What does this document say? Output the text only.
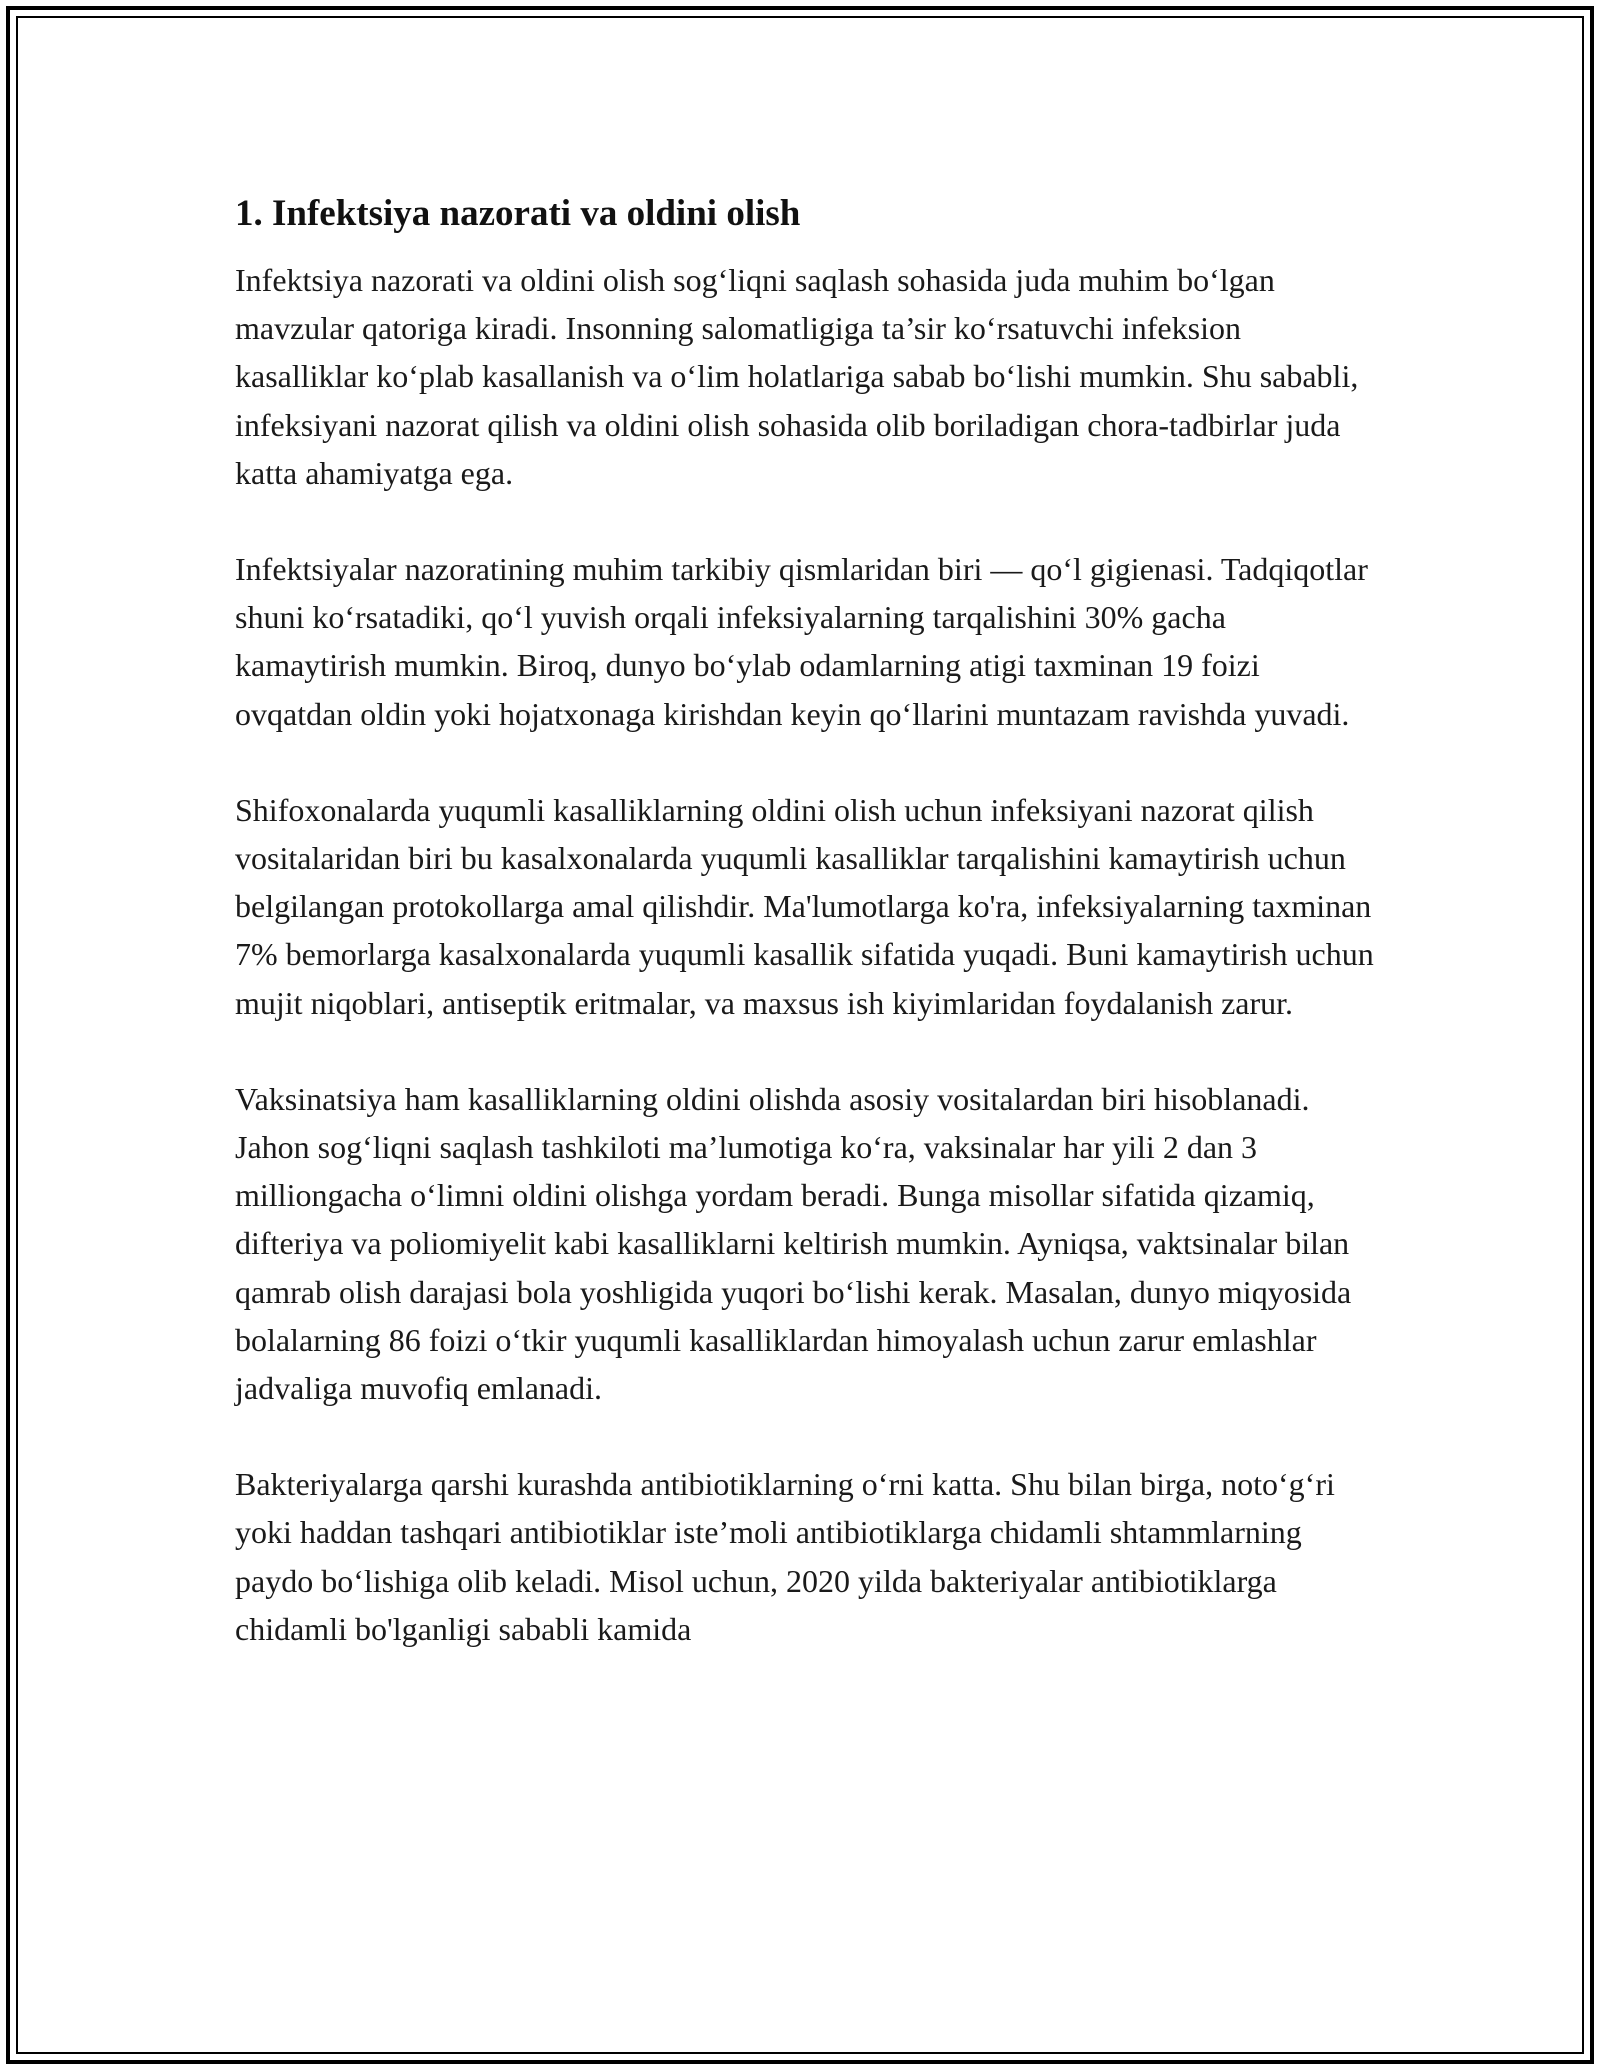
1. Infektsiya nazorati va oldini olish

Infektsiya nazorati va oldini olish sog‘liqni saqlash sohasida juda muhim bo‘lgan mavzular qatoriga kiradi. Insonning salomatligiga ta’sir ko‘rsatuvchi infeksion kasalliklar ko‘plab kasallanish va o‘lim holatlariga sabab bo‘lishi mumkin. Shu sababli, infeksiyani nazorat qilish va oldini olish sohasida olib boriladigan chora-tadbirlar juda katta ahamiyatga ega.

Infektsiyalar nazoratining muhim tarkibiy qismlaridan biri — qo‘l gigienasi. Tadqiqotlar shuni ko‘rsatadiki, qo‘l yuvish orqali infeksiyalarning tarqalishini 30% gacha kamaytirish mumkin. Biroq, dunyo bo‘ylab odamlarning atigi taxminan 19 foizi ovqatdan oldin yoki hojatxonaga kirishdan keyin qo‘llarini muntazam ravishda yuvadi.

Shifoxonalarda yuqumli kasalliklarning oldini olish uchun infeksiyani nazorat qilish vositalaridan biri bu kasalxonalarda yuqumli kasalliklar tarqalishini kamaytirish uchun belgilangan protokollarga amal qilishdir. Ma'lumotlarga ko'ra, infeksiyalarning taxminan 7% bemorlarga kasalxonalarda yuqumli kasallik sifatida yuqadi. Buni kamaytirish uchun mujit niqoblari, antiseptik eritmalar, va maxsus ish kiyimlaridan foydalanish zarur.

Vaksinatsiya ham kasalliklarning oldini olishda asosiy vositalardan biri hisoblanadi. Jahon sog‘liqni saqlash tashkiloti ma’lumotiga ko‘ra, vaksinalar har yili 2 dan 3 milliongacha o‘limni oldini olishga yordam beradi. Bunga misollar sifatida qizamiq, difteriya va poliomiyelit kabi kasalliklarni keltirish mumkin. Ayniqsa, vaktsinalar bilan qamrab olish darajasi bola yoshligida yuqori bo‘lishi kerak. Masalan, dunyo miqyosida bolalarning 86 foizi o‘tkir yuqumli kasalliklardan himoyalash uchun zarur emlashlar jadvaliga muvofiq emlanadi.

Bakteriyalarga qarshi kurashda antibiotiklarning o‘rni katta. Shu bilan birga, noto‘g‘ri yoki haddan tashqari antibiotiklar iste’moli antibiotiklarga chidamli shtammlarning paydo bo‘lishiga olib keladi. Misol uchun, 2020 yilda bakteriyalar antibiotiklarga chidamli bo'lganligi sababli kamida
